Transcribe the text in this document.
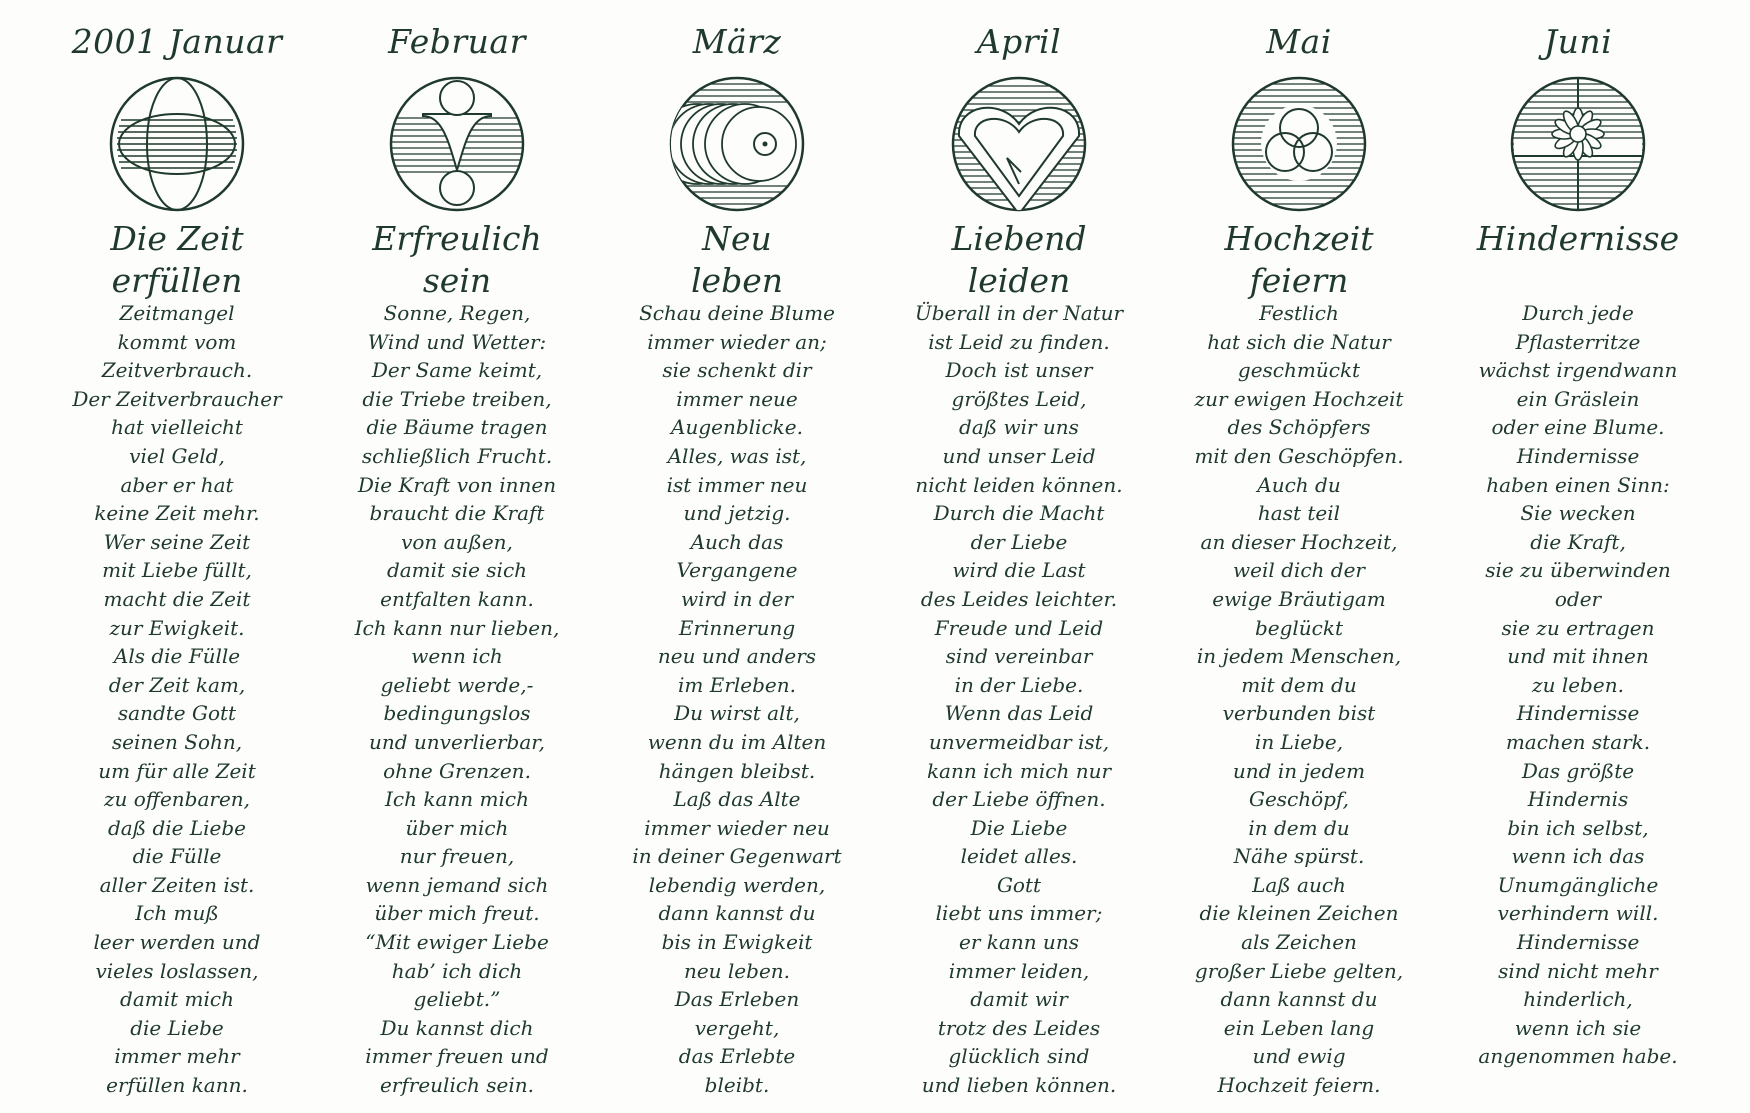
2001 Januar
Die Zeit
erfüllen
Zeitmangel
kommt vom
Zeitverbrauch.
Der Zeitverbraucher
hat vielleicht
viel Geld,
aber er hat
keine Zeit mehr.
Wer seine Zeit
mit Liebe füllt,
macht die Zeit
zur Ewigkeit.
Als die Fülle
der Zeit kam,
sandte Gott
seinen Sohn,
um für alle Zeit
zu offenbaren,
daß die Liebe
die Fülle
aller Zeiten ist.
Ich muß
leer werden und
vieles loslassen,
damit mich
die Liebe
immer mehr
erfüllen kann.
Februar
Erfreulich
sein
Sonne, Regen,
Wind und Wetter:
Der Same keimt,
die Triebe treiben,
die Bäume tragen
schließlich Frucht.
Die Kraft von innen
braucht die Kraft
von außen,
damit sie sich
entfalten kann.
Ich kann nur lieben,
wenn ich
geliebt werde,-
bedingungslos
und unverlierbar,
ohne Grenzen.
Ich kann mich
über mich
nur freuen,
wenn jemand sich
über mich freut.
“Mit ewiger Liebe
hab’ ich dich
geliebt.”
Du kannst dich
immer freuen und
erfreulich sein.
März
Neu
leben
Schau deine Blume
immer wieder an;
sie schenkt dir
immer neue
Augenblicke.
Alles, was ist,
ist immer neu
und jetzig.
Auch das
Vergangene
wird in der
Erinnerung
neu und anders
im Erleben.
Du wirst alt,
wenn du im Alten
hängen bleibst.
Laß das Alte
immer wieder neu
in deiner Gegenwart
lebendig werden,
dann kannst du
bis in Ewigkeit
neu leben.
Das Erleben
vergeht,
das Erlebte
bleibt.
April
Liebend
leiden
Überall in der Natur
ist Leid zu finden.
Doch ist unser
größtes Leid,
daß wir uns
und unser Leid
nicht leiden können.
Durch die Macht
der Liebe
wird die Last
des Leides leichter.
Freude und Leid
sind vereinbar
in der Liebe.
Wenn das Leid
unvermeidbar ist,
kann ich mich nur
der Liebe öffnen.
Die Liebe
leidet alles.
Gott
liebt uns immer;
er kann uns
immer leiden,
damit wir
trotz des Leides
glücklich sind
und lieben können.
Mai
Hochzeit
feiern
Festlich
hat sich die Natur
geschmückt
zur ewigen Hochzeit
des Schöpfers
mit den Geschöpfen.
Auch du
hast teil
an dieser Hochzeit,
weil dich der
ewige Bräutigam
beglückt
in jedem Menschen,
mit dem du
verbunden bist
in Liebe,
und in jedem
Geschöpf,
in dem du
Nähe spürst.
Laß auch
die kleinen Zeichen
als Zeichen
großer Liebe gelten,
dann kannst du
ein Leben lang
und ewig
Hochzeit feiern.
Juni
Hindernisse
Durch jede
Pflasterritze
wächst irgendwann
ein Gräslein
oder eine Blume.
Hindernisse
haben einen Sinn:
Sie wecken
die Kraft,
sie zu überwinden
oder
sie zu ertragen
und mit ihnen
zu leben.
Hindernisse
machen stark.
Das größte
Hindernis
bin ich selbst,
wenn ich das
Unumgängliche
verhindern will.
Hindernisse
sind nicht mehr
hinderlich,
wenn ich sie
angenommen habe.
